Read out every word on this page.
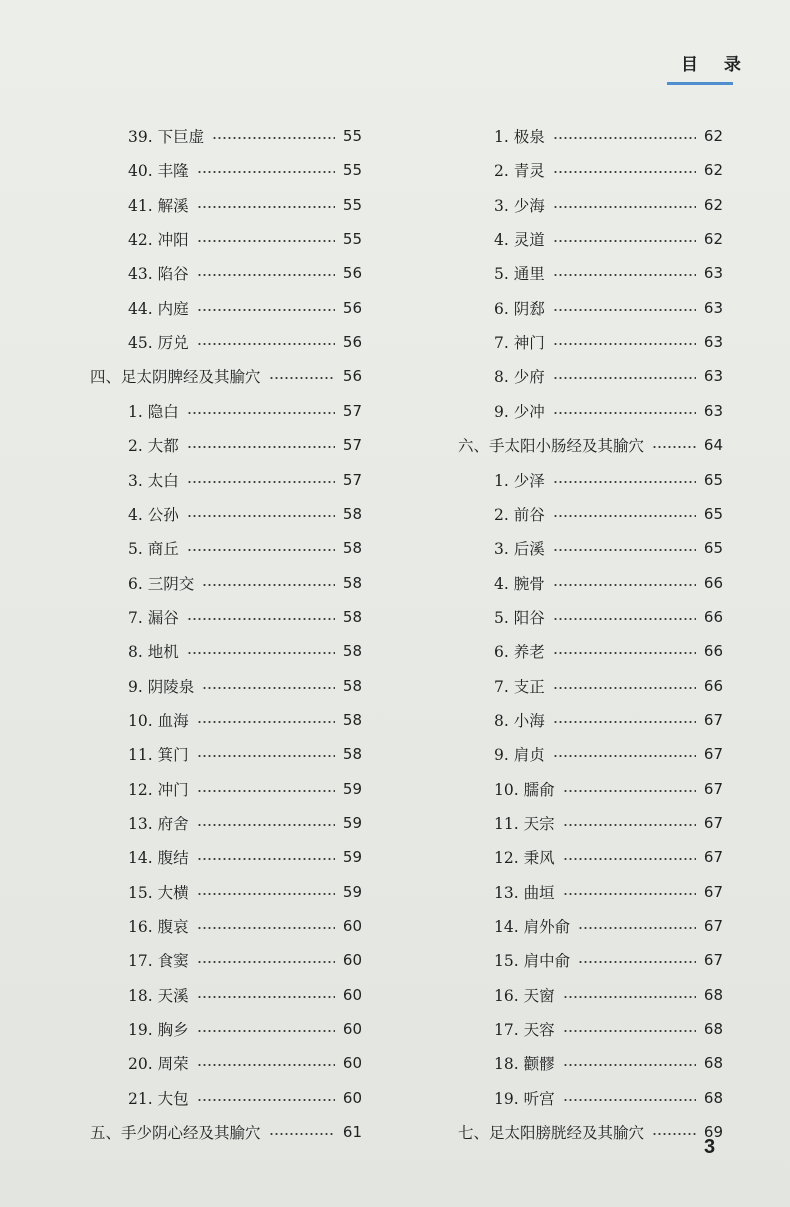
目 录
3
39. 下巨虚	55
40. 丰隆	55
41. 解溪	55
42. 冲阳	55
43. 陷谷	56
44. 内庭	56
45. 厉兑	56
四、足太阴脾经及其腧穴	56
1. 隐白	57
2. 大都	57
3. 太白	57
4. 公孙	58
5. 商丘	58
6. 三阴交	58
7. 漏谷	58
8. 地机	58
9. 阴陵泉	58
10. 血海	58
11. 箕门	58
12. 冲门	59
13. 府舍	59
14. 腹结	59
15. 大横	59
16. 腹哀	60
17. 食窦	60
18. 天溪	60
19. 胸乡	60
20. 周荣	60
21. 大包	60
五、手少阴心经及其腧穴	61
1. 极泉	62
2. 青灵	62
3. 少海	62
4. 灵道	62
5. 通里	63
6. 阴郄	63
7. 神门	63
8. 少府	63
9. 少冲	63
六、手太阳小肠经及其腧穴	64
1. 少泽	65
2. 前谷	65
3. 后溪	65
4. 腕骨	66
5. 阳谷	66
6. 养老	66
7. 支正	66
8. 小海	67
9. 肩贞	67
10. 臑俞	67
11. 天宗	67
12. 秉风	67
13. 曲垣	67
14. 肩外俞	67
15. 肩中俞	67
16. 天窗	68
17. 天容	68
18. 颧髎	68
19. 听宫	68
七、足太阳膀胱经及其腧穴	69
